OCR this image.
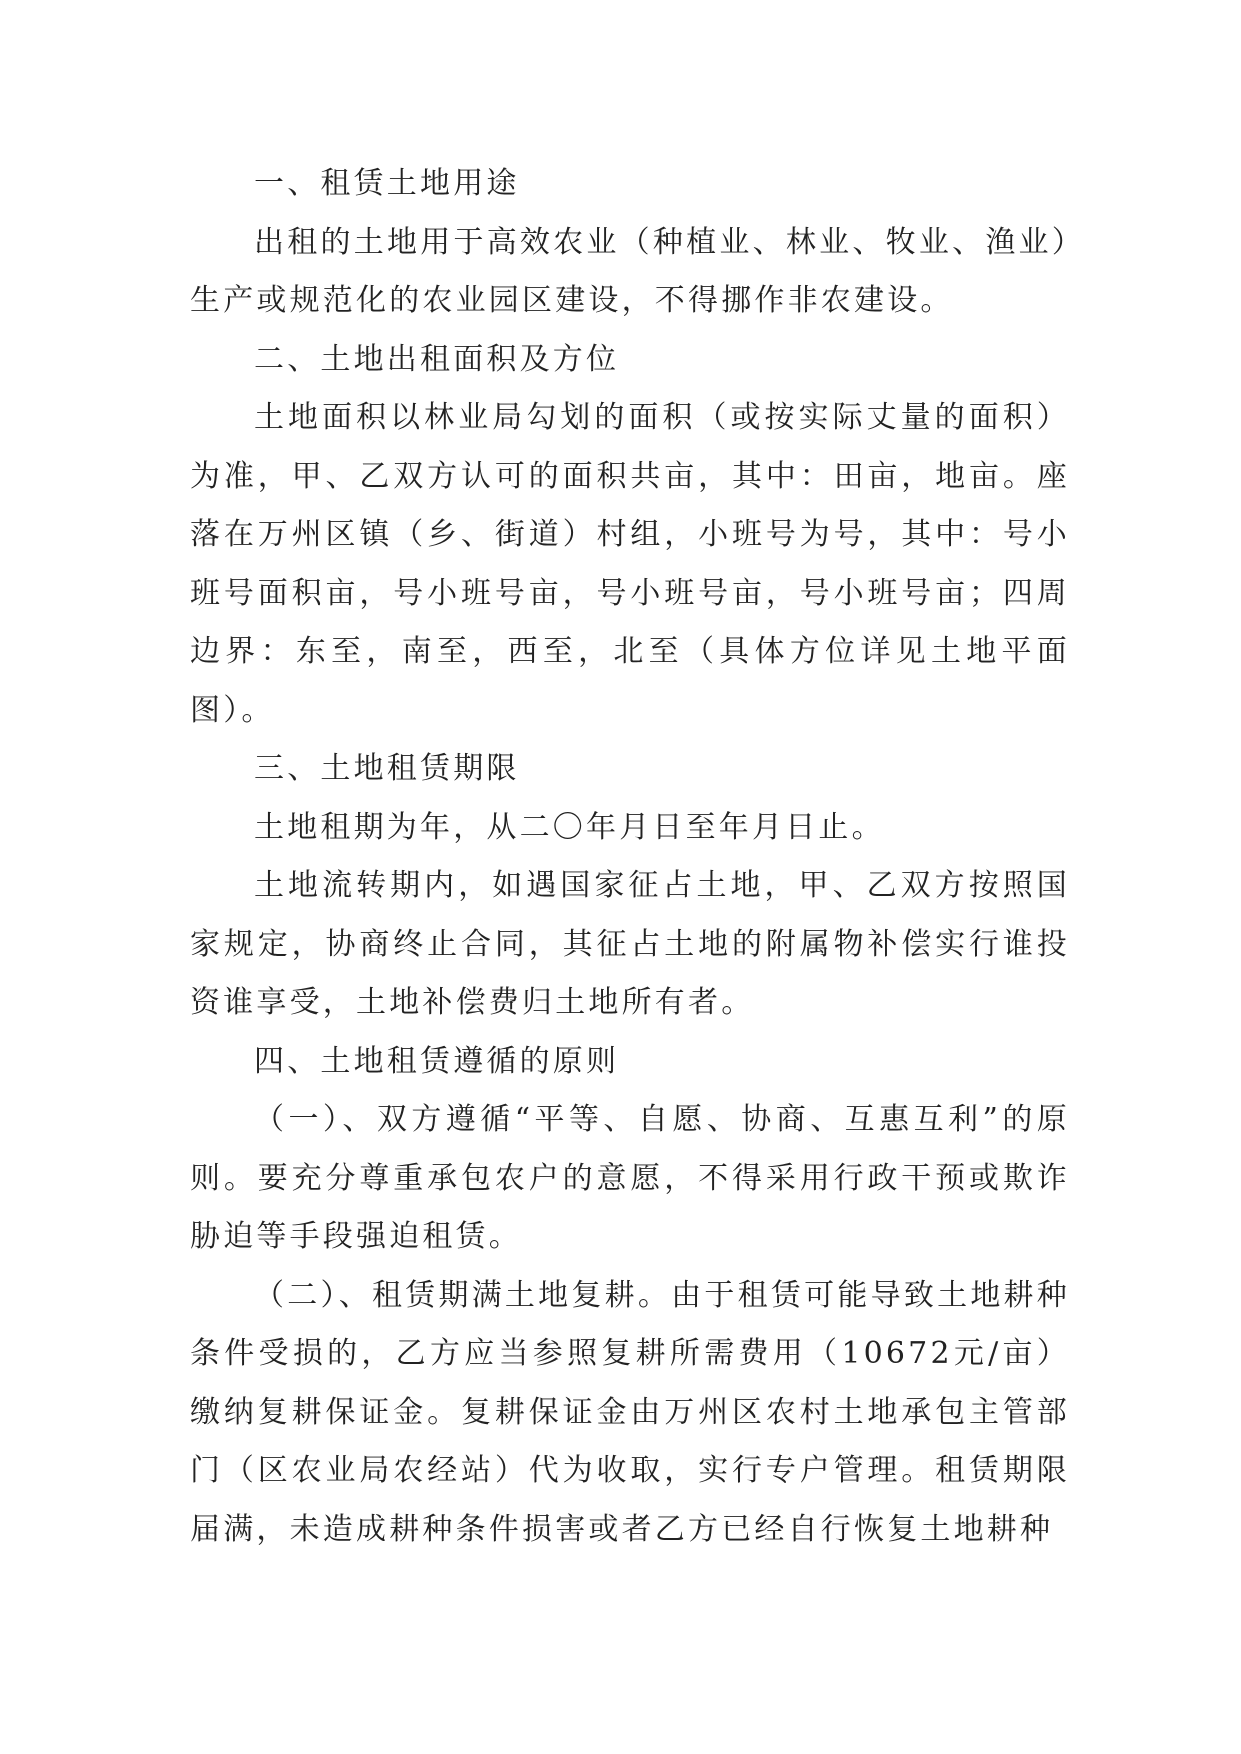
一、租赁土地用途

出租的土地用于高效农业（种植业、林业、牧业、渔业）生产或规范化的农业园区建设，不得挪作非农建设。

二、土地出租面积及方位

土地面积以林业局勾划的面积（或按实际丈量的面积）为准，甲、乙双方认可的面积共亩，其中：田亩，地亩。座落在万州区镇（乡、街道）村组，小班号为号，其中：号小班号面积亩，号小班号亩，号小班号亩，号小班号亩；四周边界：东至，南至，西至，北至（具体方位详见土地平面图）。

三、土地租赁期限

土地租期为年，从二〇年月日至年月日止。

土地流转期内，如遇国家征占土地，甲、乙双方按照国家规定，协商终止合同，其征占土地的附属物补偿实行谁投资谁享受，土地补偿费归土地所有者。

四、土地租赁遵循的原则

（一）、双方遵循“平等、自愿、协商、互惠互利”的原则。要充分尊重承包农户的意愿，不得采用行政干预或欺诈胁迫等手段强迫租赁。

（二）、租赁期满土地复耕。由于租赁可能导致土地耕种条件受损的，乙方应当参照复耕所需费用（10672元/亩）缴纳复耕保证金。复耕保证金由万州区农村土地承包主管部门（区农业局农经站）代为收取，实行专户管理。租赁期限届满，未造成耕种条件损害或者乙方已经自行恢复土地耕种
